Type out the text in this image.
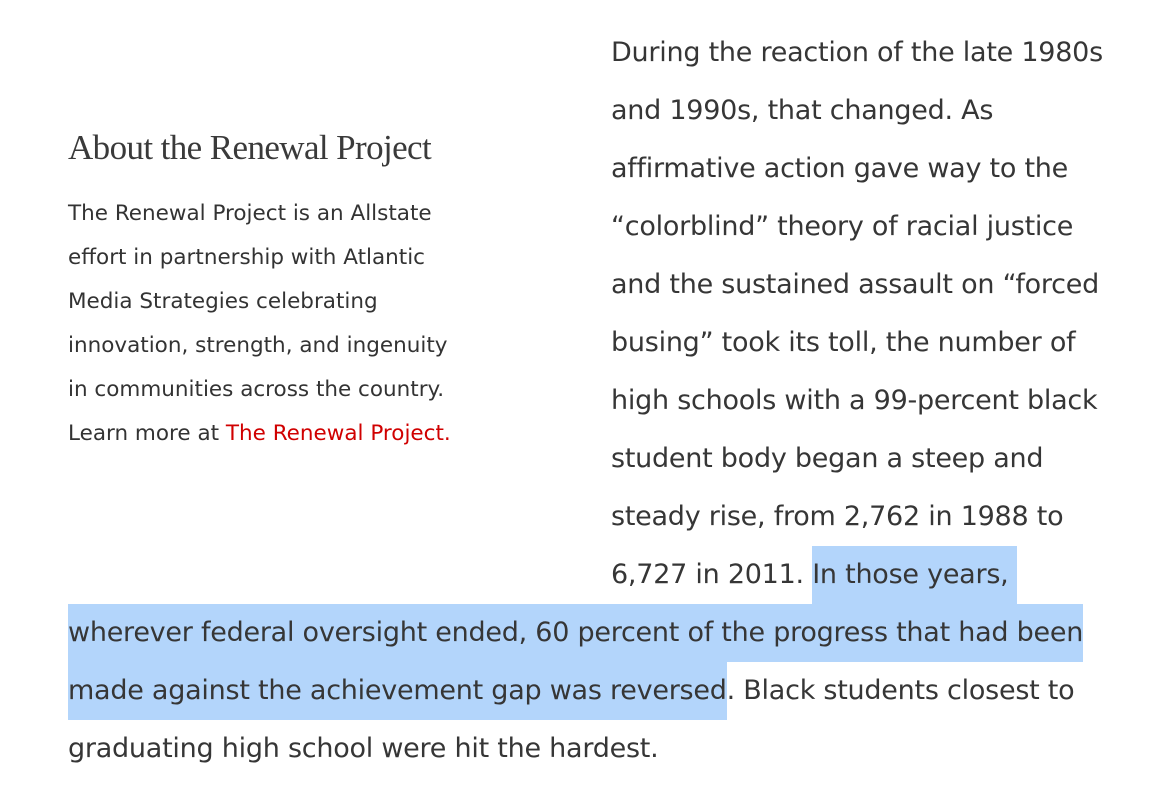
About the Renewal Project

The Renewal Project is an Allstate
effort in partnership with Atlantic
Media Strategies celebrating
innovation, strength, and ingenuity
in communities across the country.
Learn more at The Renewal Project.

During the reaction of the late 1980s
and 1990s, that changed. As
affirmative action gave way to the
“colorblind” theory of racial justice
and the sustained assault on “forced
busing” took its toll, the number of
high schools with a 99-percent black
student body began a steep and
steady rise, from 2,762 in 1988 to
6,727 in 2011. In those years,
wherever federal oversight ended, 60 percent of the progress that had been
made against the achievement gap was reversed. Black students closest to
graduating high school were hit the hardest.
